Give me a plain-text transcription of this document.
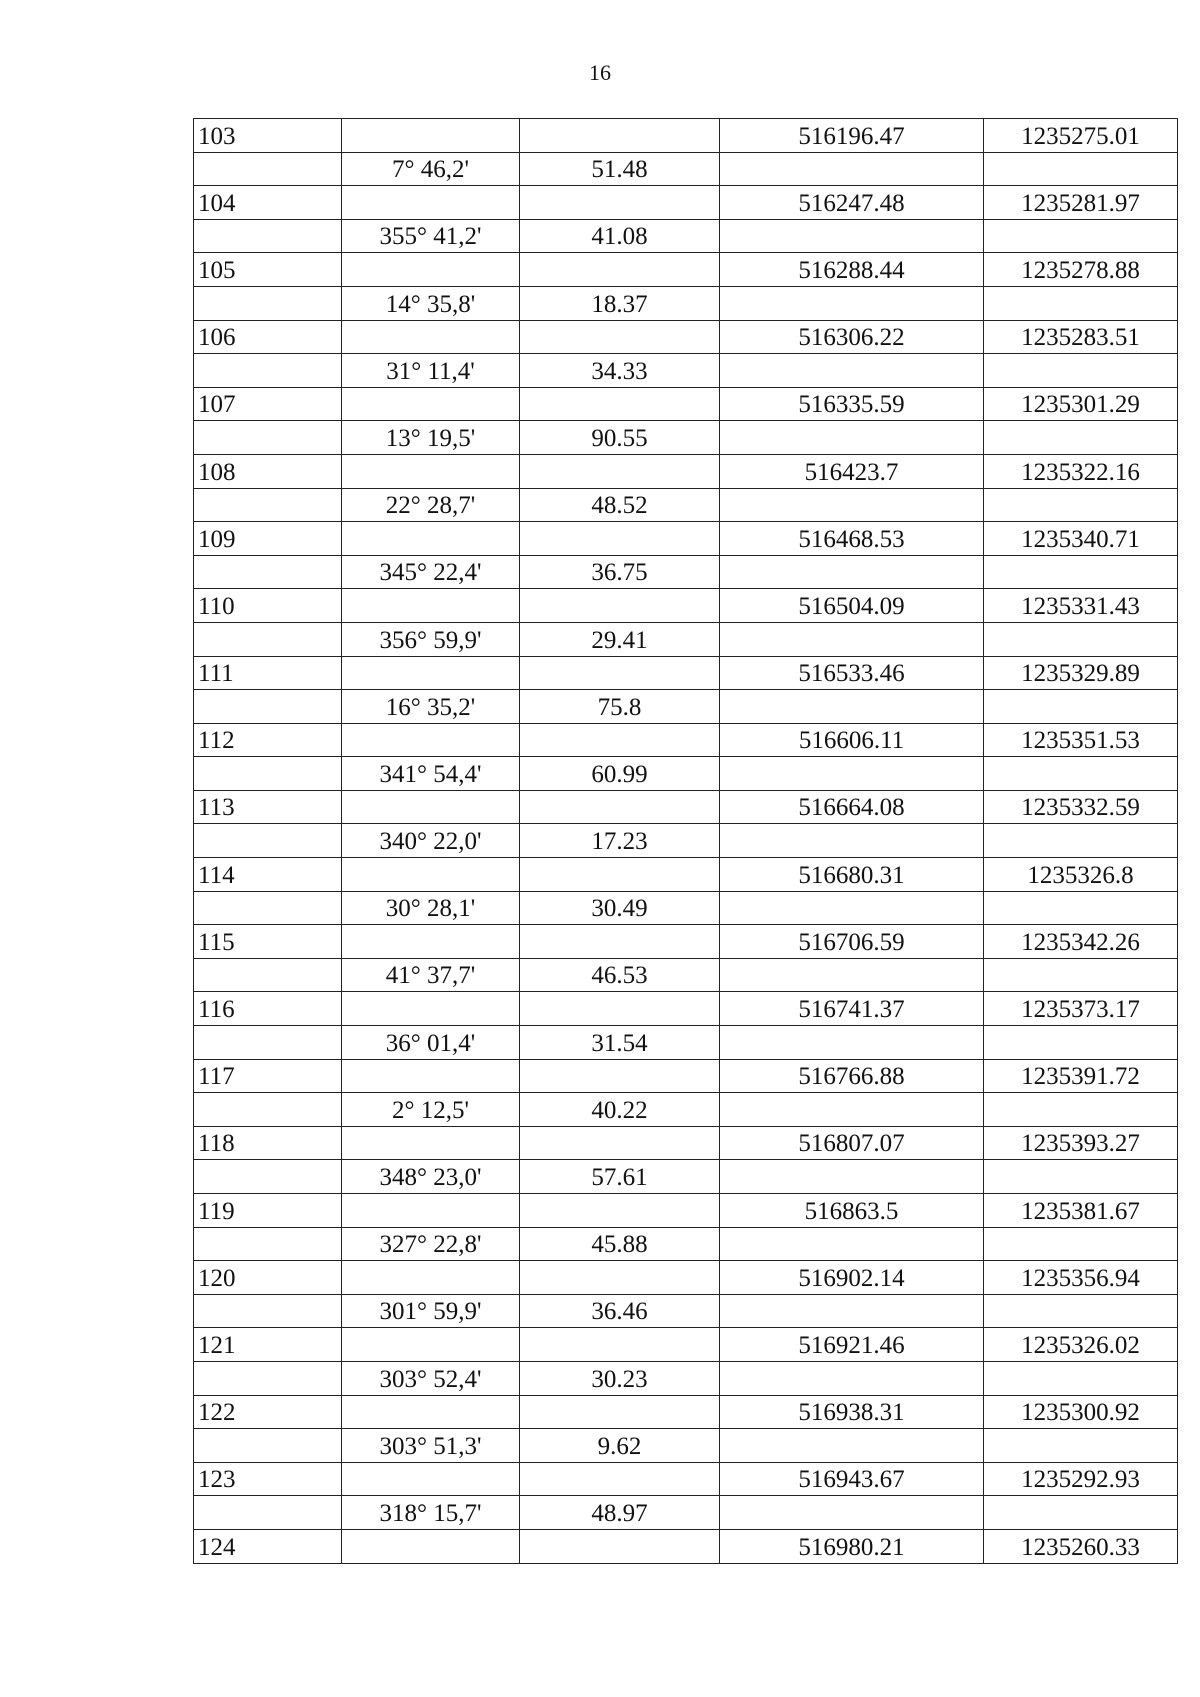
16
103			516196.47	1235275.01
	7° 46,2'	51.48		
104			516247.48	1235281.97
	355° 41,2'	41.08		
105			516288.44	1235278.88
	14° 35,8'	18.37		
106			516306.22	1235283.51
	31° 11,4'	34.33		
107			516335.59	1235301.29
	13° 19,5'	90.55		
108			516423.7	1235322.16
	22° 28,7'	48.52		
109			516468.53	1235340.71
	345° 22,4'	36.75		
110			516504.09	1235331.43
	356° 59,9'	29.41		
111			516533.46	1235329.89
	16° 35,2'	75.8		
112			516606.11	1235351.53
	341° 54,4'	60.99		
113			516664.08	1235332.59
	340° 22,0'	17.23		
114			516680.31	1235326.8
	30° 28,1'	30.49		
115			516706.59	1235342.26
	41° 37,7'	46.53		
116			516741.37	1235373.17
	36° 01,4'	31.54		
117			516766.88	1235391.72
	2° 12,5'	40.22		
118			516807.07	1235393.27
	348° 23,0'	57.61		
119			516863.5	1235381.67
	327° 22,8'	45.88		
120			516902.14	1235356.94
	301° 59,9'	36.46		
121			516921.46	1235326.02
	303° 52,4'	30.23		
122			516938.31	1235300.92
	303° 51,3'	9.62		
123			516943.67	1235292.93
	318° 15,7'	48.97		
124			516980.21	1235260.33
